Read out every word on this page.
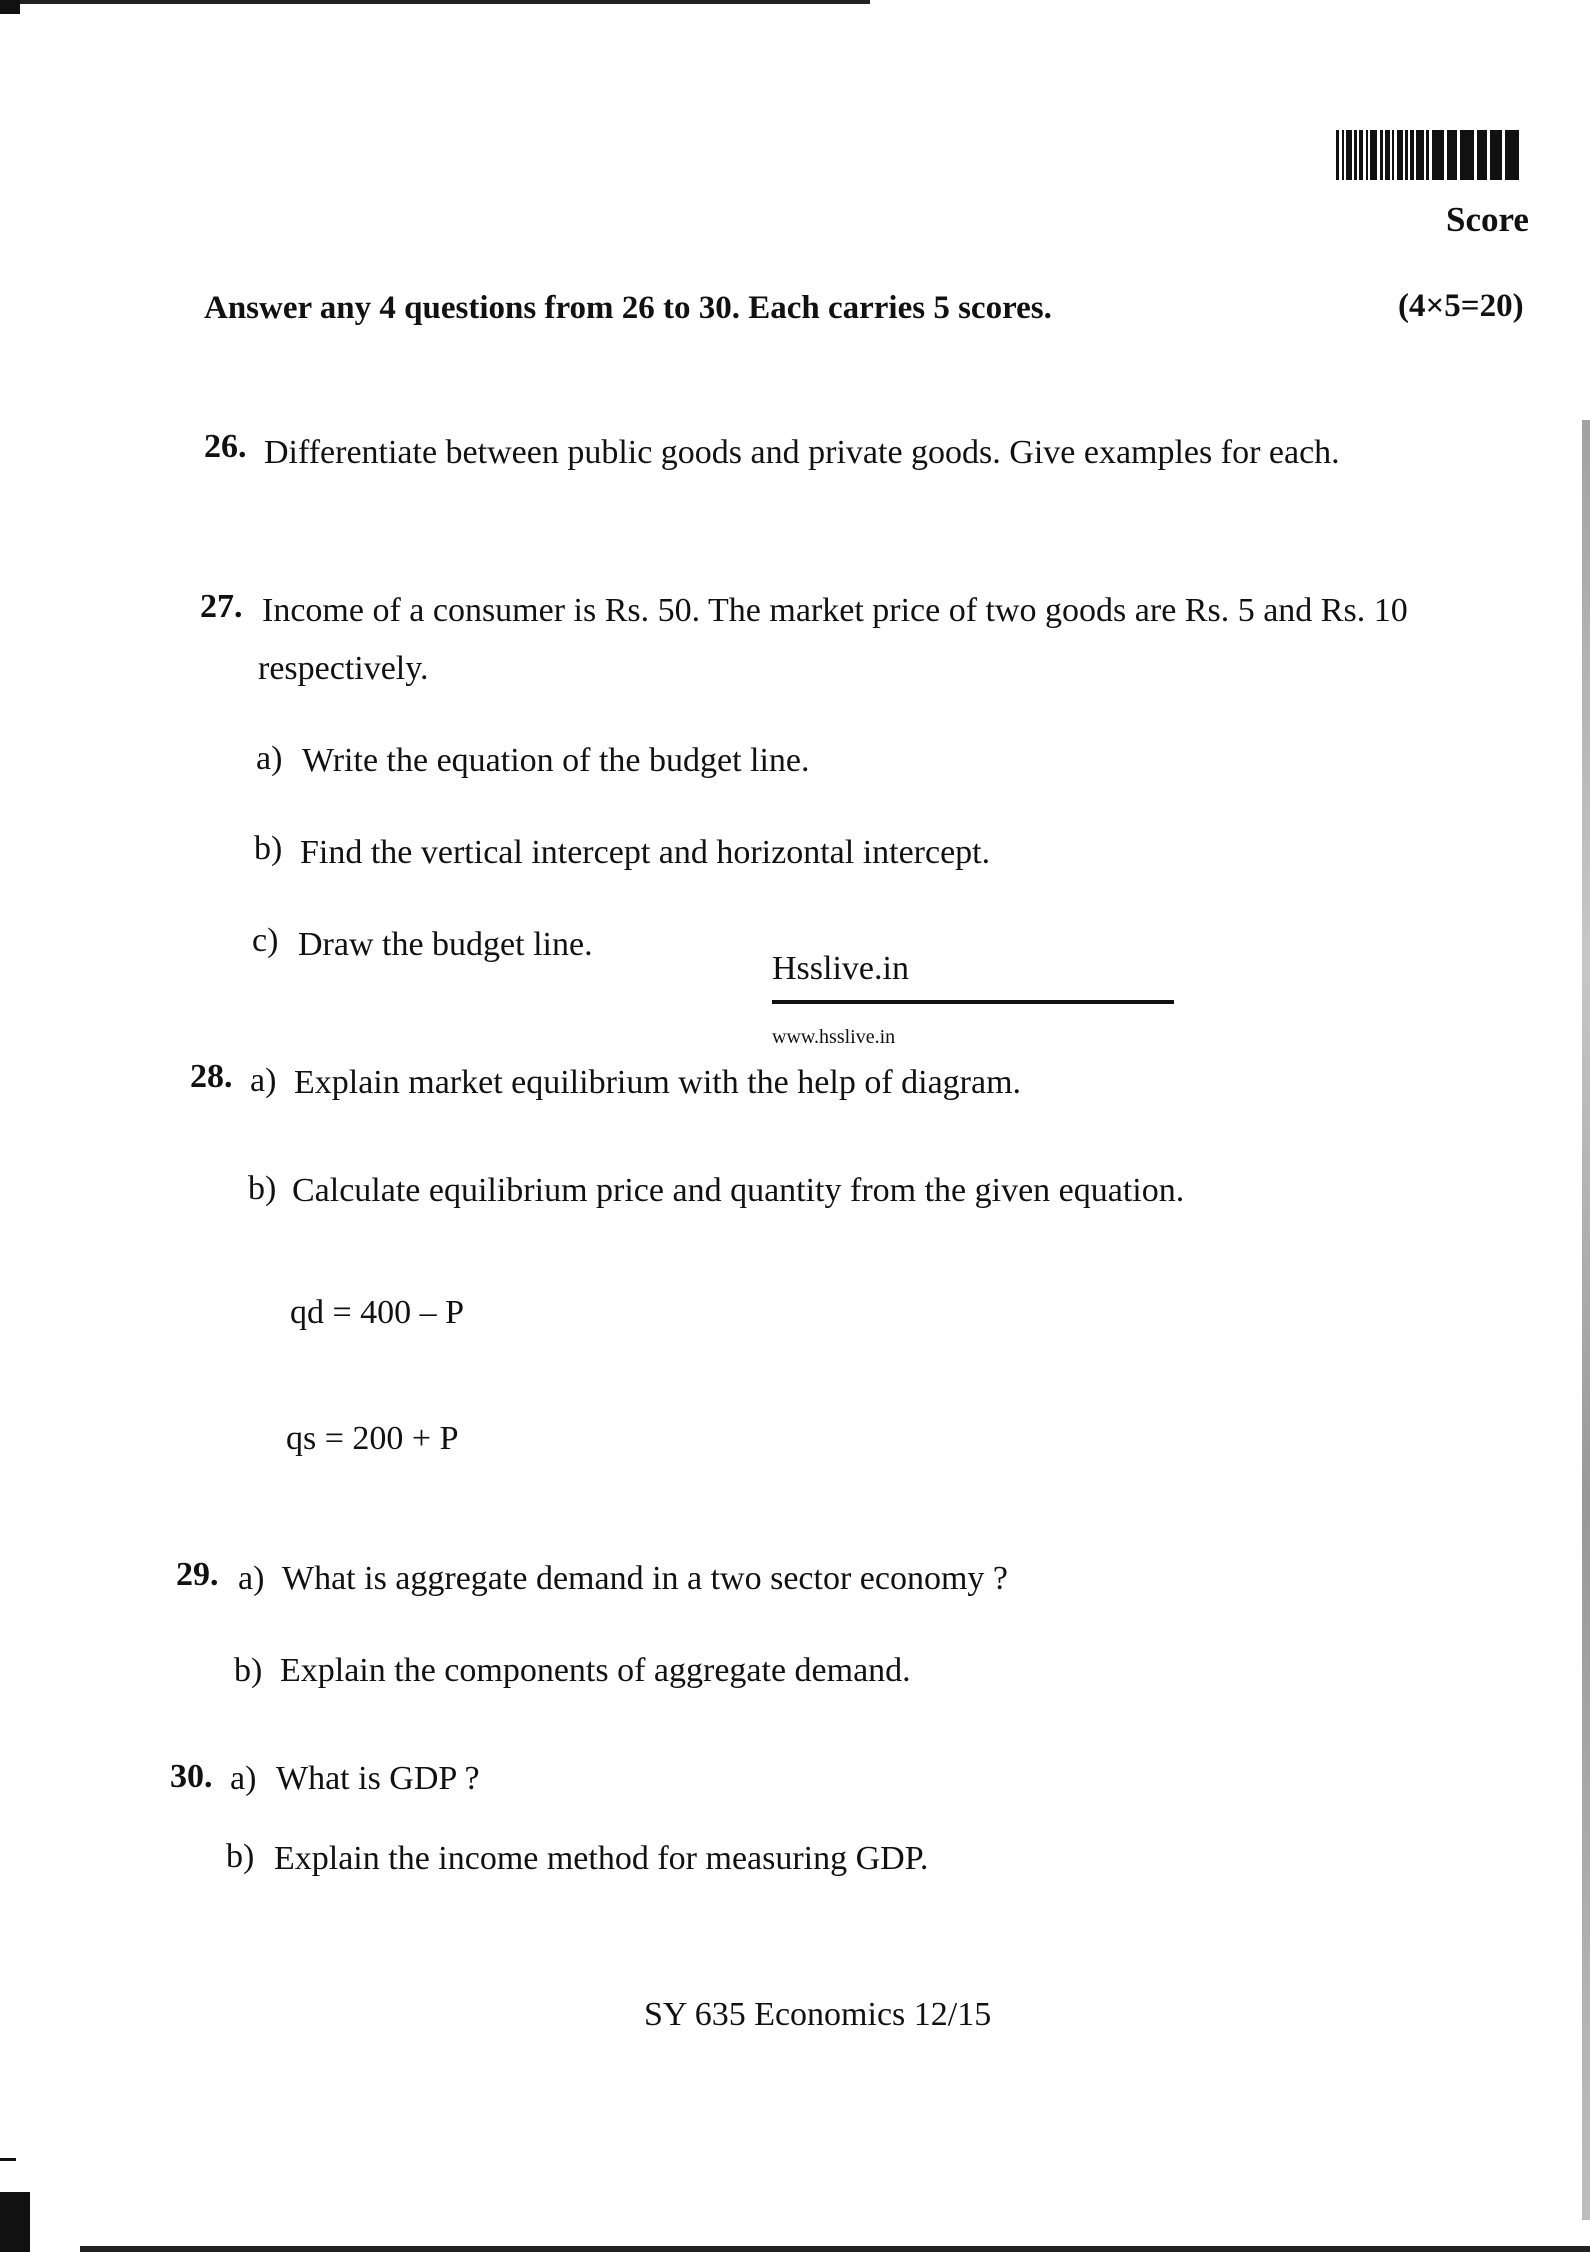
Score
Answer any 4 questions from 26 to 30. Each carries 5 scores.	(4×5=20)
26. Differentiate between public goods and private goods. Give examples for each.
27. Income of a consumer is Rs. 50. The market price of two goods are Rs. 5 and Rs. 10
respectively.
a) Write the equation of the budget line.
b) Find the vertical intercept and horizontal intercept.
c) Draw the budget line.
Hsslive.in
www.hsslive.in
28. a) Explain market equilibrium with the help of diagram.
b) Calculate equilibrium price and quantity from the given equation.
qd = 400 – P
qs = 200 + P
29. a) What is aggregate demand in a two sector economy ?
b) Explain the components of aggregate demand.
30. a) What is GDP ?
b) Explain the income method for measuring GDP.
SY 635 Economics 12/15
